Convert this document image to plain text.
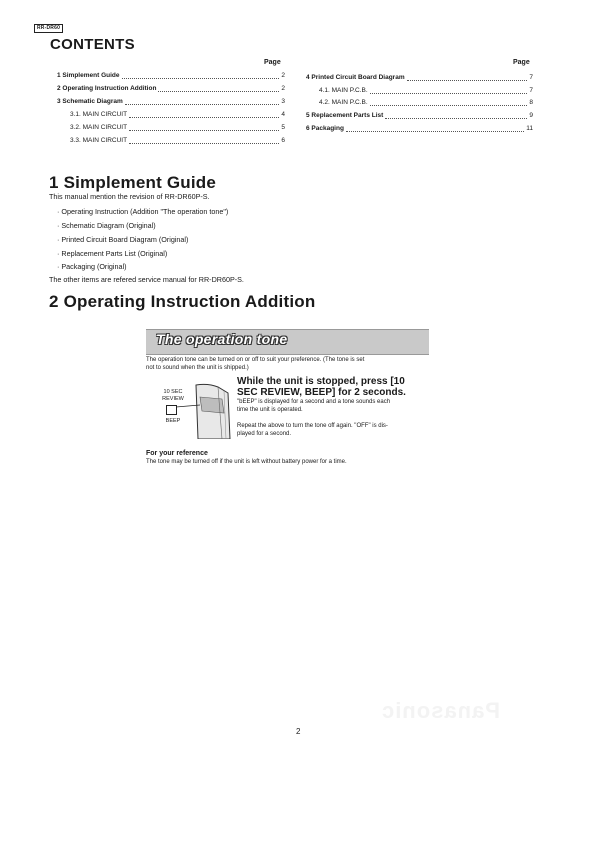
RR-DR60
CONTENTS
Page	Page
1 Simplement Guide	2
2 Operating Instruction Addition	2
3 Schematic Diagram	3
3.1. MAIN CIRCUIT	4
3.2. MAIN CIRCUIT	5
3.3. MAIN CIRCUIT	6
4 Printed Circuit Board Diagram	7
4.1. MAIN P.C.B.	7
4.2. MAIN P.C.B.	8
5 Replacement Parts List	9
6 Packaging	11
1 Simplement Guide
This manual mention the revision of RR-DR60P-S.
· Operating Instruction (Addition "The operation tone")
· Schematic Diagram (Original)
· Printed Circuit Board Diagram (Original)
· Replacement Parts List (Original)
· Packaging (Original)
The other items are refered service manual for RR-DR60P-S.
2 Operating Instruction Addition
The operation tone
The operation tone can be turned on or off to suit your preference. (The tone is set
not to sound when the unit is shipped.)
10 SEC
REVIEW
BEEP
While the unit is stopped, press [10
SEC REVIEW, BEEP] for 2 seconds.
"bEEP" is displayed for a second and a tone sounds each
time the unit is operated.
Repeat the above to turn the tone off again. "OFF" is dis-
played for a second.
For your reference
The tone may be turned off if the unit is left without battery power for a time.
Panasonic
2
